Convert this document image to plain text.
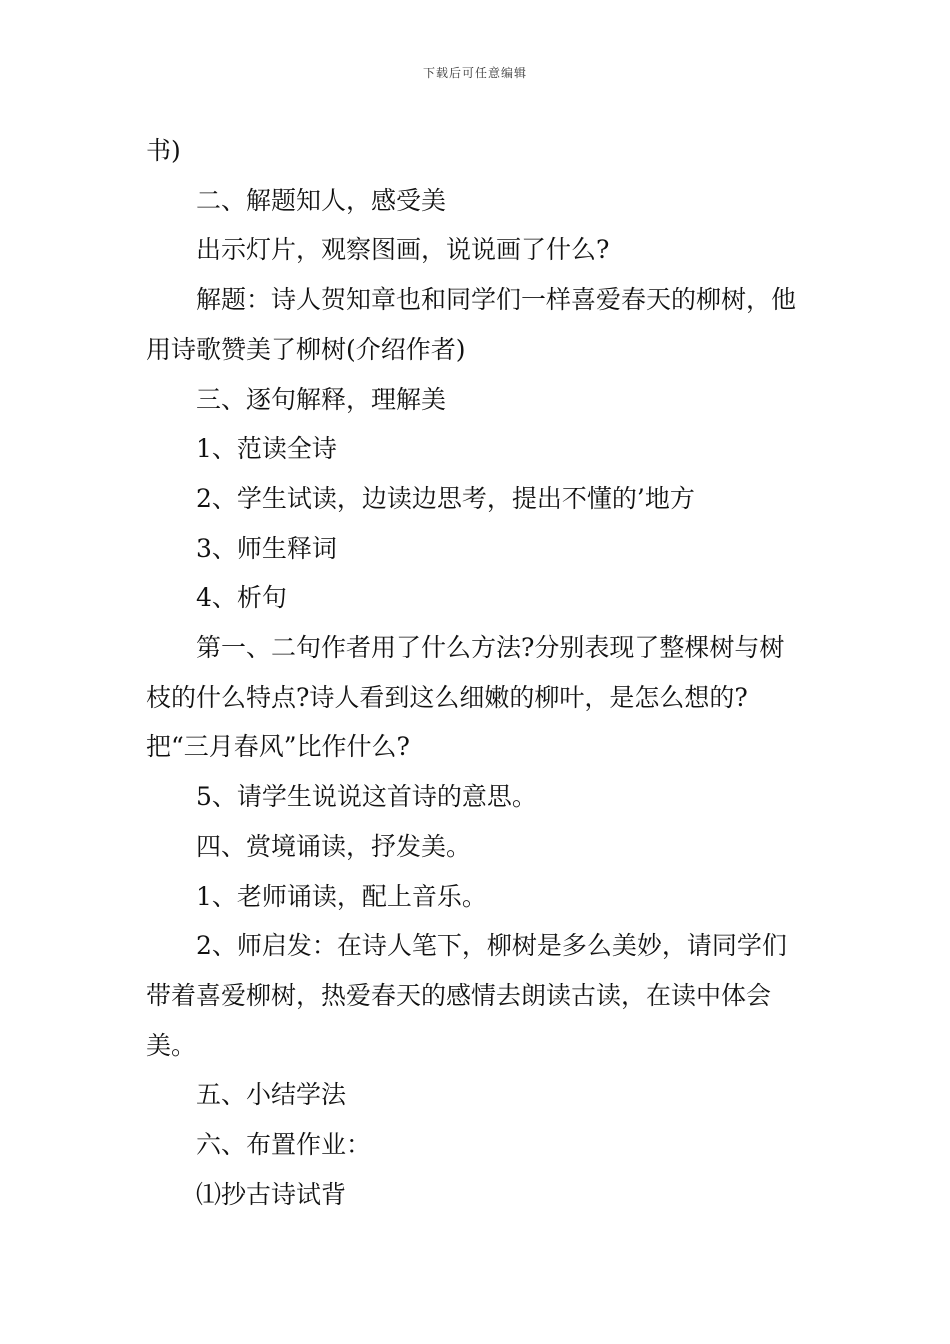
下载后可任意编辑

书)

二、解题知人，感受美

出示灯片，观察图画，说说画了什么?

解题：诗人贺知章也和同学们一样喜爱春天的柳树，他用诗歌赞美了柳树(介绍作者)

三、逐句解释，理解美

1、范读全诗

2、学生试读，边读边思考，提出不懂的’地方

3、师生释词

4、析句

第一、二句作者用了什么方法?分别表现了整棵树与树枝的什么特点?诗人看到这么细嫩的柳叶，是怎么想的?把“三月春风”比作什么?

5、请学生说说这首诗的意思。

四、赏境诵读，抒发美。

1、老师诵读，配上音乐。

2、师启发：在诗人笔下，柳树是多么美妙，请同学们带着喜爱柳树，热爱春天的感情去朗读古读，在读中体会美。

五、小结学法

六、布置作业：

⑴抄古诗试背
